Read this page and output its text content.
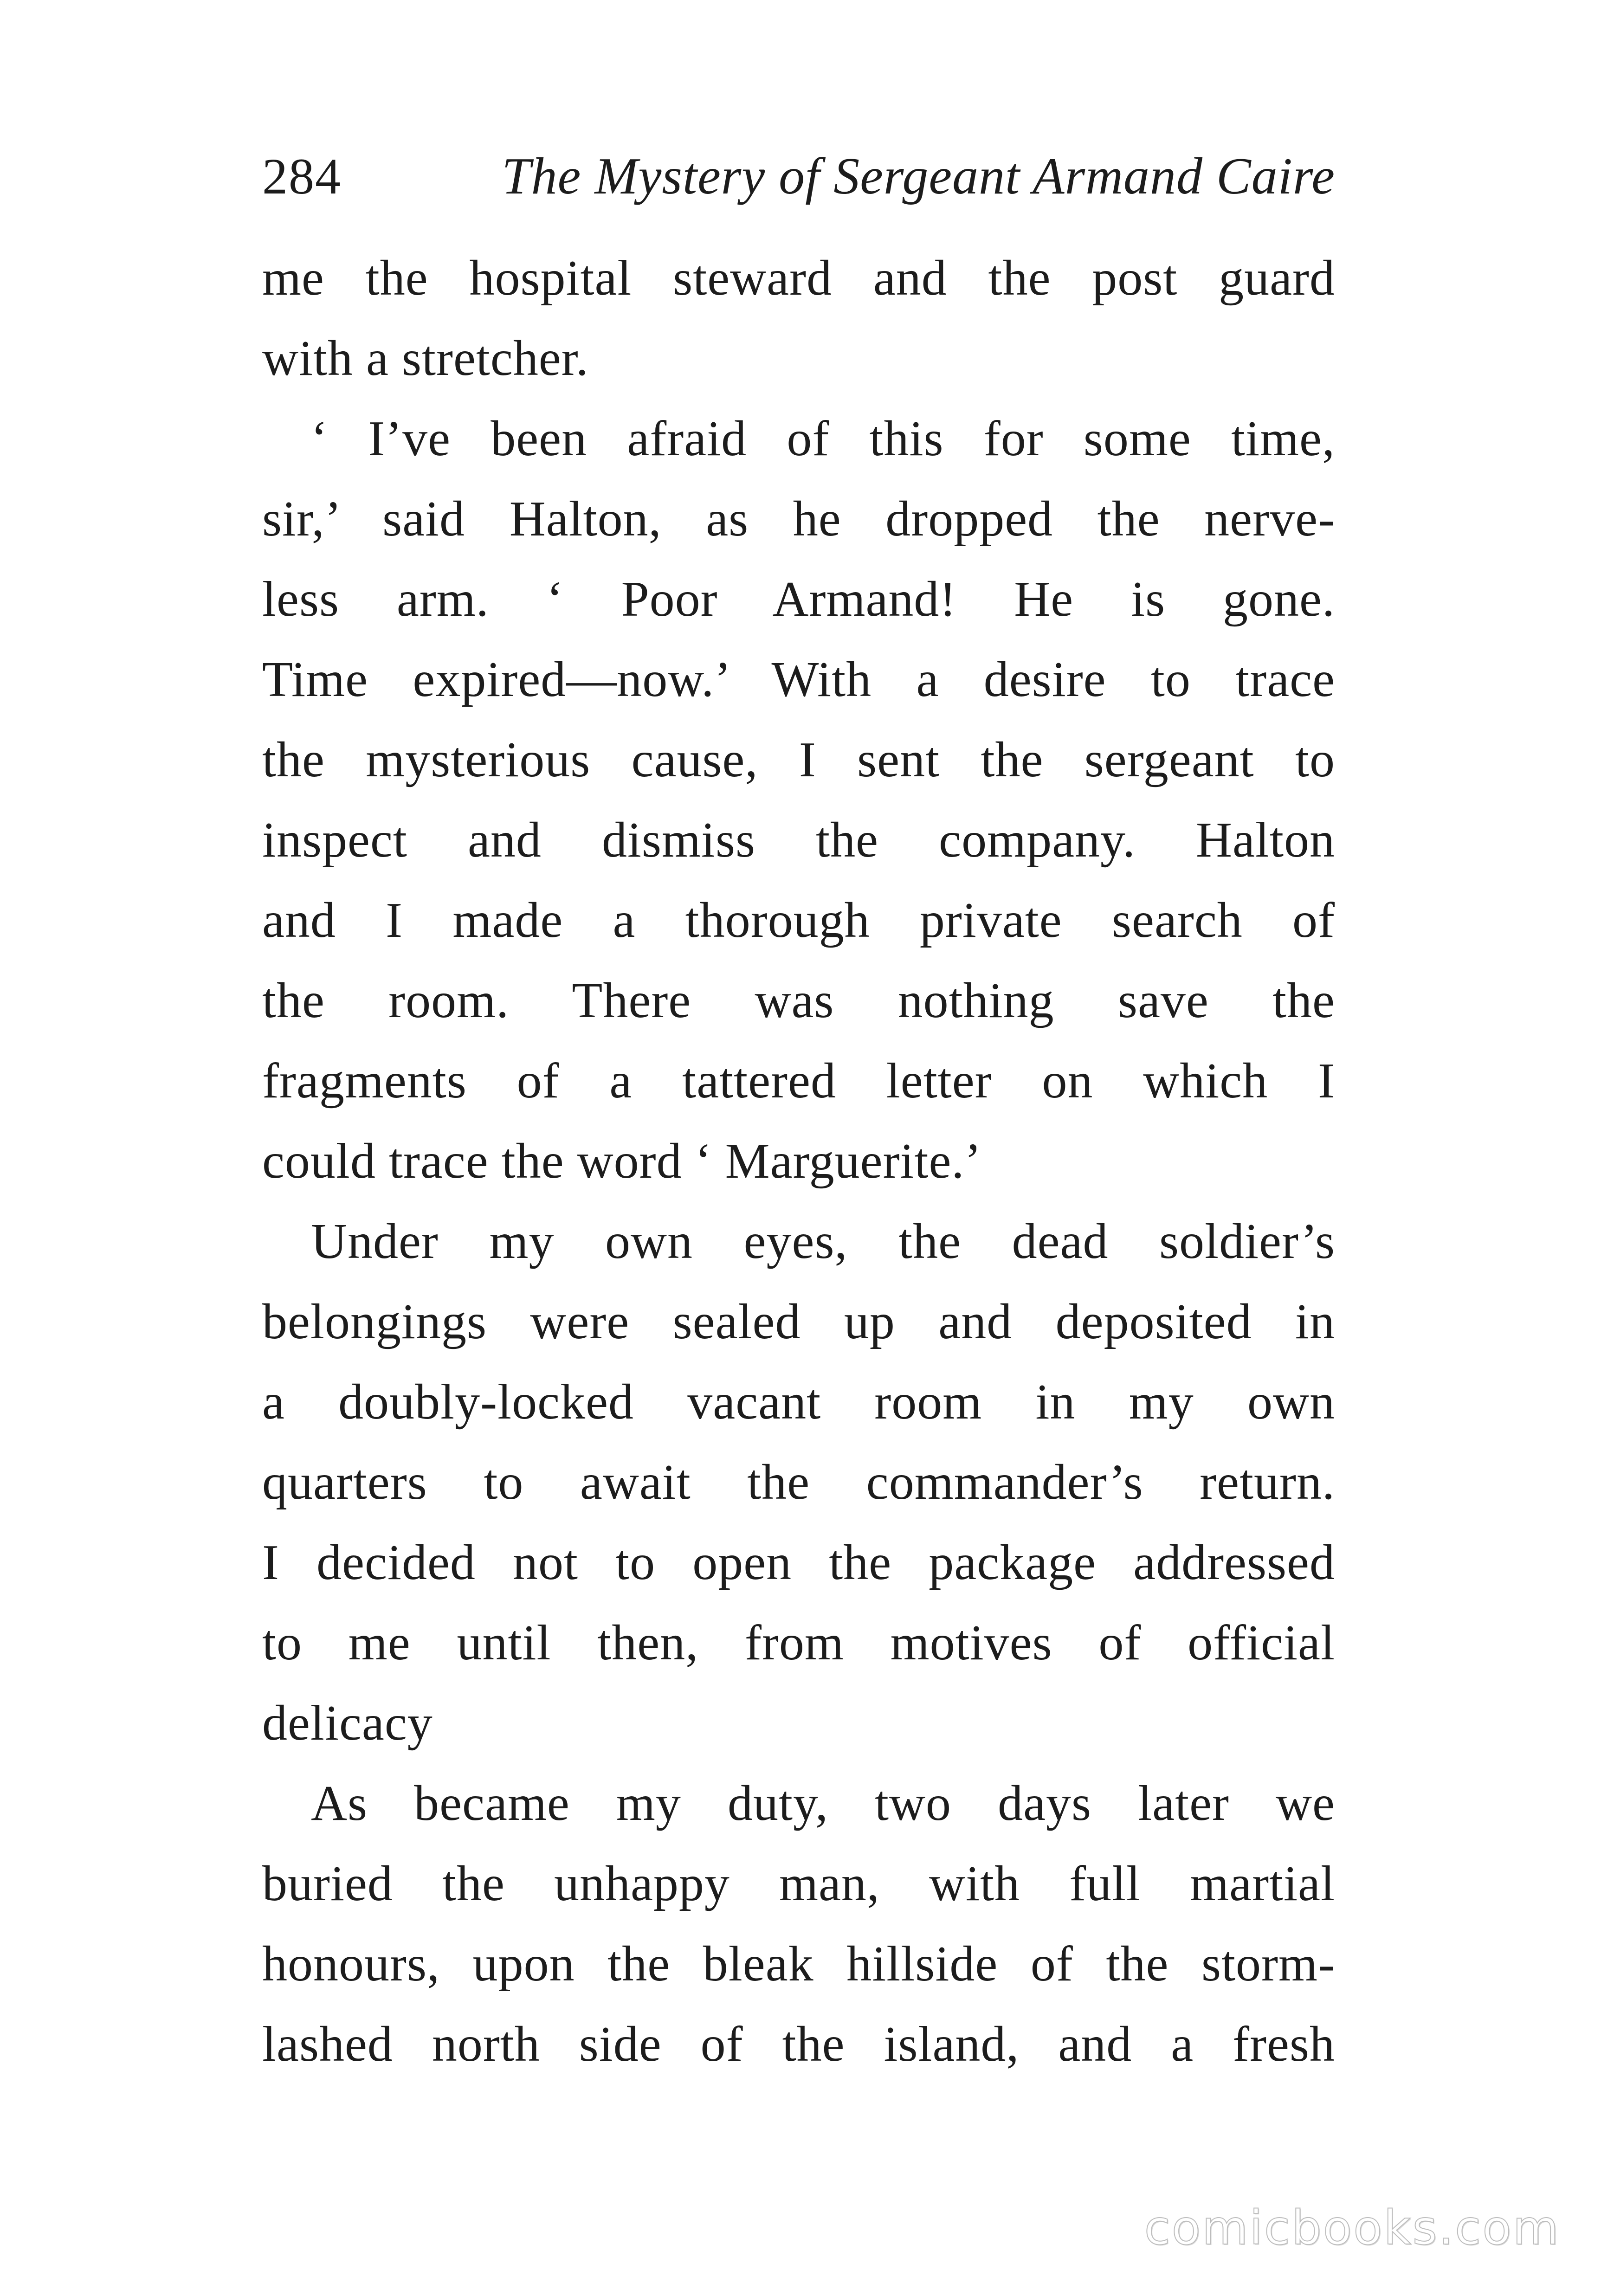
284	The Mystery of Sergeant Armand Caire
me the hospital steward and the post guard
with a stretcher.
‘ I’ve been afraid of this for some time,
sir,’ said Halton, as he dropped the nerve-
less arm. ‘ Poor Armand! He is gone.
Time expired—now.’ With a desire to trace
the mysterious cause, I sent the sergeant to
inspect and dismiss the company. Halton
and I made a thorough private search of
the room. There was nothing save the
fragments of a tattered letter on which I
could trace the word ‘ Marguerite.’
Under my own eyes, the dead soldier’s
belongings were sealed up and deposited in
a doubly-locked vacant room in my own
quarters to await the commander’s return.
I decided not to open the package addressed
to me until then, from motives of official
delicacy
As became my duty, two days later we
buried the unhappy man, with full martial
honours, upon the bleak hillside of the storm-
lashed north side of the island, and a fresh
comicbooks.com
